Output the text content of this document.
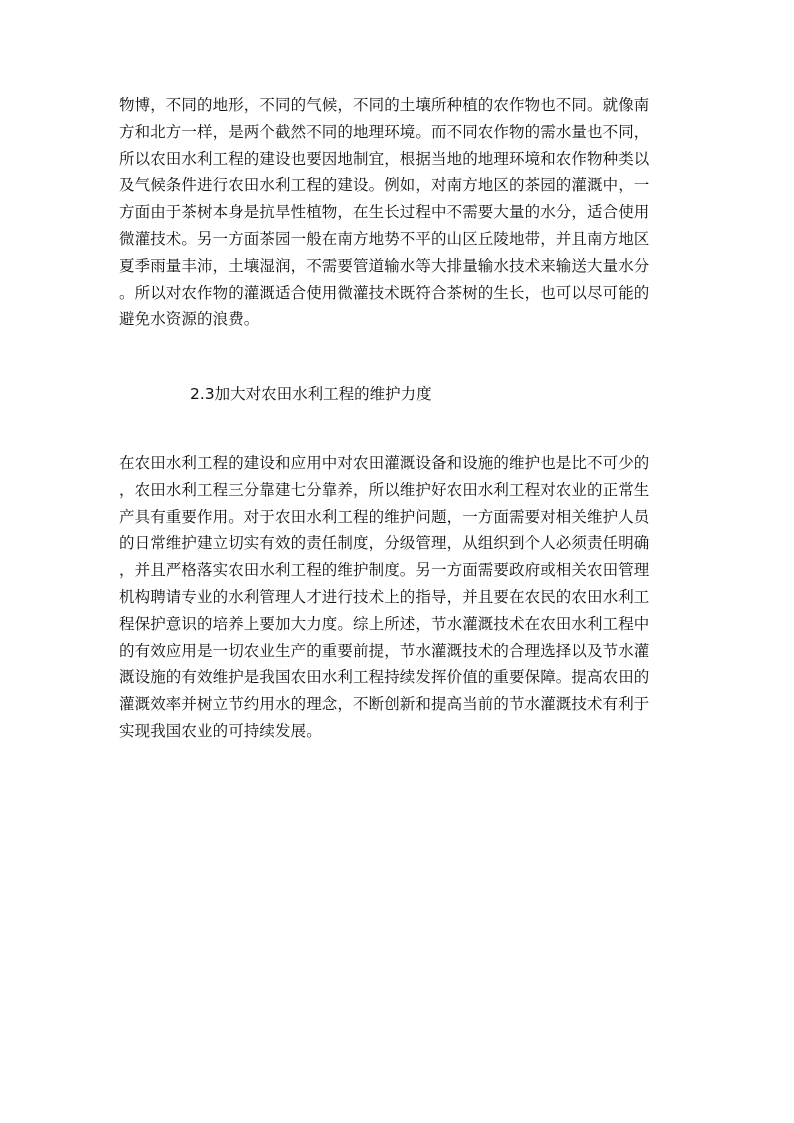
物博，不同的地形，不同的气候，不同的土壤所种植的农作物也不同。就像南
方和北方一样，是两个截然不同的地理环境。而不同农作物的需水量也不同，
所以农田水利工程的建设也要因地制宜，根据当地的地理环境和农作物种类以
及气候条件进行农田水利工程的建设。例如，对南方地区的茶园的灌溉中，一
方面由于茶树本身是抗旱性植物，在生长过程中不需要大量的水分，适合使用
微灌技术。另一方面茶园一般在南方地势不平的山区丘陵地带，并且南方地区
夏季雨量丰沛，土壤湿润，不需要管道输水等大排量输水技术来输送大量水分
。所以对农作物的灌溉适合使用微灌技术既符合茶树的生长，也可以尽可能的
避免水资源的浪费。

2.3加大对农田水利工程的维护力度

在农田水利工程的建设和应用中对农田灌溉设备和设施的维护也是比不可少的
，农田水利工程三分靠建七分靠养，所以维护好农田水利工程对农业的正常生
产具有重要作用。对于农田水利工程的维护问题，一方面需要对相关维护人员
的日常维护建立切实有效的责任制度，分级管理，从组织到个人必须责任明确
，并且严格落实农田水利工程的维护制度。另一方面需要政府或相关农田管理
机构聘请专业的水利管理人才进行技术上的指导，并且要在农民的农田水利工
程保护意识的培养上要加大力度。综上所述，节水灌溉技术在农田水利工程中
的有效应用是一切农业生产的重要前提，节水灌溉技术的合理选择以及节水灌
溉设施的有效维护是我国农田水利工程持续发挥价值的重要保障。提高农田的
灌溉效率并树立节约用水的理念，不断创新和提高当前的节水灌溉技术有利于
实现我国农业的可持续发展。
